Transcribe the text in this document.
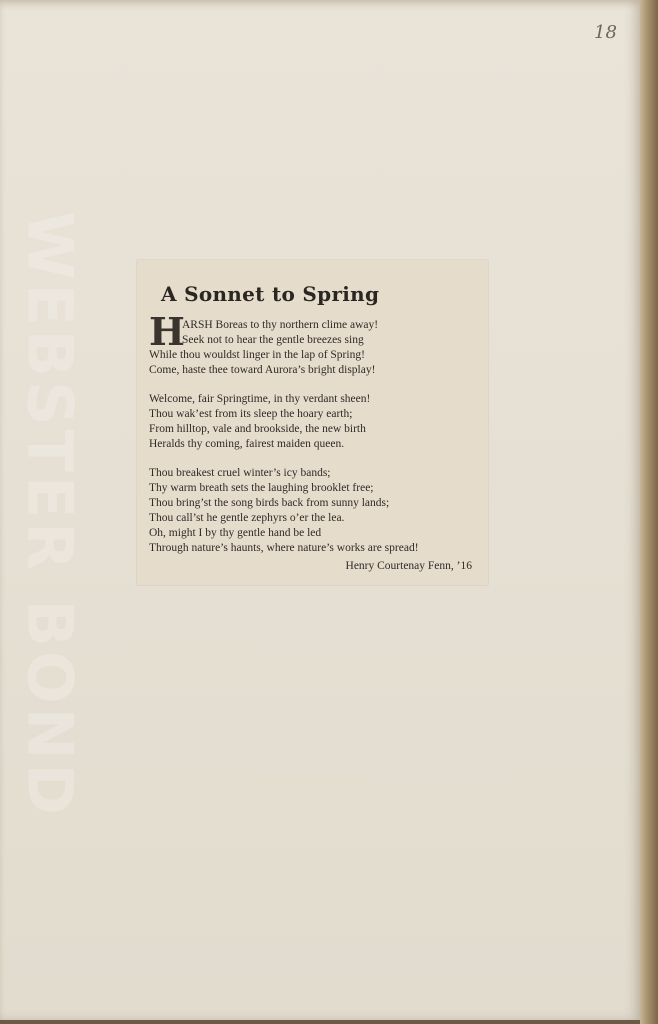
WEBSTER BOND
18
A Sonnet to Spring
H
ARSH Boreas to thy northern clime away!
Seek not to hear the gentle breezes sing
While thou wouldst linger in the lap of Spring!
Come, haste thee toward Aurora’s bright display!
Welcome, fair Springtime, in thy verdant sheen!
Thou wak’est from its sleep the hoary earth;
From hilltop, vale and brookside, the new birth
Heralds thy coming, fairest maiden queen.
Thou breakest cruel winter’s icy bands;
Thy warm breath sets the laughing brooklet free;
Thou bring’st the song birds back from sunny lands;
Thou call’st he gentle zephyrs o’er the lea.
Oh, might I by thy gentle hand be led
Through nature’s haunts, where nature’s works are spread!
Henry Courtenay Fenn, ’16
